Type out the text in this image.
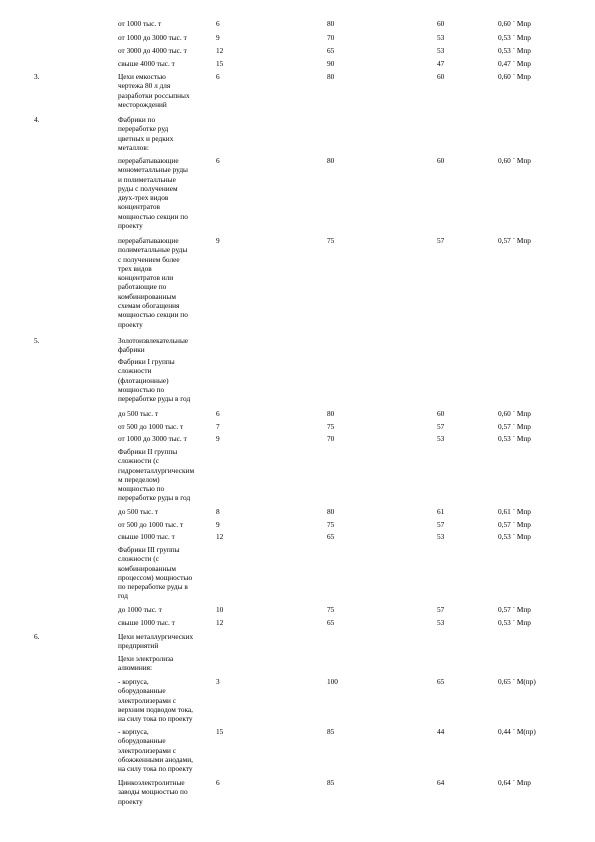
от 1000 тыс. т	6	80	60	0,60 ´ Мпр
от 1000 до 3000 тыс. т	9	70	53	0,53 ´ Мпр
от 3000 до 4000 тыс. т	12	65	53	0,53 ´ Мпр
свыше 4000 тыс. т	15	90	47	0,47 ´ Мпр
3.	Цехи емкостью
чертежа 80 л для
разработки россыпных
месторождений
6	80	60	0,60 ´ Мпр
4.	Фабрики по
переработке руд
цветных и редких
металлов:
перерабатывающие
монометалльные руды
и полиметалльные
руды с получением
двух-трех видов
концентратов
мощностью секции по
проекту
6	80	60	0,60 ´ Мпр
перерабатывающие
полиметалльные руды
с получением более
трех видов
концентратов или
работающие по
комбинированным
схемам обогащения
мощностью секции по
проекту
9	75	57	0,57 ´ Мпр
5.	Золотоизвлекательные
фабрики
Фабрики I группы
сложности
(флотационные)
мощностью по
переработке руды в год
до 500 тыс. т	6	80	60	0,60 ´ Мпр
от 500 до 1000 тыс. т	7	75	57	0,57 ´ Мпр
от 1000 до 3000 тыс. т	9	70	53	0,53 ´ Мпр
Фабрики II группы
сложности (с
гидрометаллургическим
м переделом)
мощностью по
переработке руды в год
до 500 тыс. т	8	80	61	0,61 ´ Мпр
от 500 до 1000 тыс. т	9	75	57	0,57 ´ Мпр
свыше 1000 тыс. т	12	65	53	0,53 ´ Мпр
Фабрики III группы
сложности (с
комбинированным
процессом) мощностью
по переработке руды в
год
до 1000 тыс. т	10	75	57	0,57 ´ Мпр
свыше 1000 тыс. т	12	65	53	0,53 ´ Мпр
6.	Цехи металлургических
предприятий
Цехи электролиза
алюминия:
- корпуса,
оборудованные
электролизерами с
верхним подводом тока,
на силу тока по проекту
3	100	65	0,65 ´ М(пр)
- корпуса,
оборудованные
электролизерами с
обожженными анодами,
на силу тока по проекту
15	85	44	0,44 ´ М(пр)
Цинкоэлектролитные
заводы мощностью по
проекту
6	85	64	0,64 ´ Мпр
